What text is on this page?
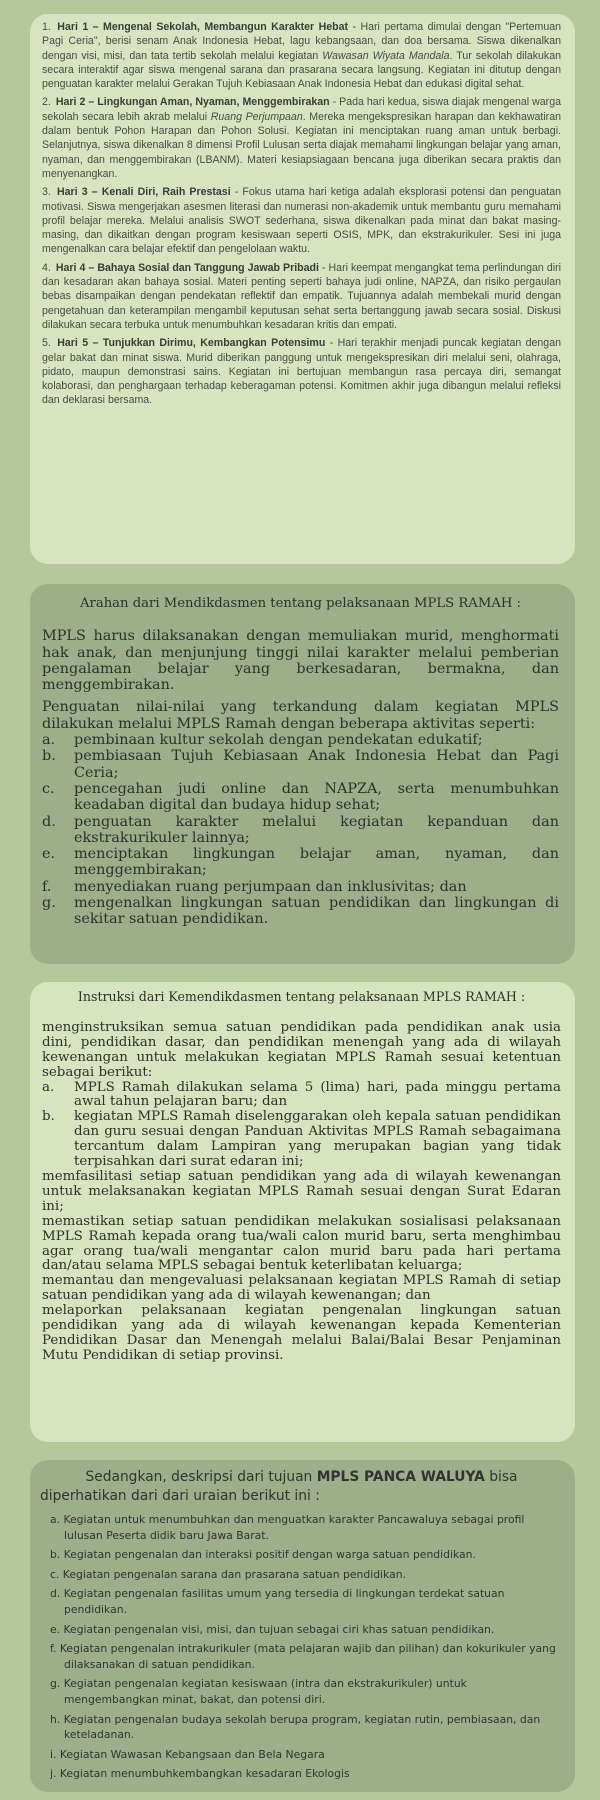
1. Hari 1 – Mengenal Sekolah, Membangun Karakter Hebat - Hari pertama dimulai dengan "Pertemuan Pagi Ceria", berisi senam Anak Indonesia Hebat, lagu kebangsaan, dan doa bersama. Siswa dikenalkan dengan visi, misi, dan tata tertib sekolah melalui kegiatan Wawasan Wiyata Mandala. Tur sekolah dilakukan secara interaktif agar siswa mengenal sarana dan prasarana secara langsung. Kegiatan ini ditutup dengan penguatan karakter melalui Gerakan Tujuh Kebiasaan Anak Indonesia Hebat dan edukasi digital sehat.
2. Hari 2 – Lingkungan Aman, Nyaman, Menggembirakan - Pada hari kedua, siswa diajak mengenal warga sekolah secara lebih akrab melalui Ruang Perjumpaan. Mereka mengekspresikan harapan dan kekhawatiran dalam bentuk Pohon Harapan dan Pohon Solusi. Kegiatan ini menciptakan ruang aman untuk berbagi. Selanjutnya, siswa dikenalkan 8 dimensi Profil Lulusan serta diajak memahami lingkungan belajar yang aman, nyaman, dan menggembirakan (LBANM). Materi kesiapsiagaan bencana juga diberikan secara praktis dan menyenangkan.
3. Hari 3 – Kenali Diri, Raih Prestasi - Fokus utama hari ketiga adalah eksplorasi potensi dan penguatan motivasi. Siswa mengerjakan asesmen literasi dan numerasi non-akademik untuk membantu guru memahami profil belajar mereka. Melalui analisis SWOT sederhana, siswa dikenalkan pada minat dan bakat masing-masing, dan dikaitkan dengan program kesiswaan seperti OSIS, MPK, dan ekstrakurikuler. Sesi ini juga mengenalkan cara belajar efektif dan pengelolaan waktu.
4. Hari 4 – Bahaya Sosial dan Tanggung Jawab Pribadi - Hari keempat mengangkat tema perlindungan diri dan kesadaran akan bahaya sosial. Materi penting seperti bahaya judi online, NAPZA, dan risiko pergaulan bebas disampaikan dengan pendekatan reflektif dan empatik. Tujuannya adalah membekali murid dengan pengetahuan dan keterampilan mengambil keputusan sehat serta bertanggung jawab secara sosial. Diskusi dilakukan secara terbuka untuk menumbuhkan kesadaran kritis dan empati.
5. Hari 5 – Tunjukkan Dirimu, Kembangkan Potensimu - Hari terakhir menjadi puncak kegiatan dengan gelar bakat dan minat siswa. Murid diberikan panggung untuk mengekspresikan diri melalui seni, olahraga, pidato, maupun demonstrasi sains. Kegiatan ini bertujuan membangun rasa percaya diri, semangat kolaborasi, dan penghargaan terhadap keberagaman potensi. Komitmen akhir juga dibangun melalui refleksi dan deklarasi bersama.
Arahan dari Mendikdasmen tentang pelaksanaan MPLS RAMAH :

MPLS harus dilaksanakan dengan memuliakan murid, menghormati hak anak, dan menjunjung tinggi nilai karakter melalui pemberian pengalaman belajar yang berkesadaran, bermakna, dan menggembirakan.

Penguatan nilai-nilai yang terkandung dalam kegiatan MPLS dilakukan melalui MPLS Ramah dengan beberapa aktivitas seperti:

a.	pembinaan kultur sekolah dengan pendekatan edukatif;
b.	pembiasaan Tujuh Kebiasaan Anak Indonesia Hebat dan Pagi Ceria;
c.	pencegahan judi online dan NAPZA, serta menumbuhkan keadaban digital dan budaya hidup sehat;
d.	penguatan karakter melalui kegiatan kepanduan dan ekstrakurikuler lainnya;
e.	menciptakan lingkungan belajar aman, nyaman, dan menggembirakan;
f.	menyediakan ruang perjumpaan dan inklusivitas; dan
g.	mengenalkan lingkungan satuan pendidikan dan lingkungan di sekitar satuan pendidikan.
Instruksi dari Kemendikdasmen tentang pelaksanaan MPLS RAMAH :

menginstruksikan semua satuan pendidikan pada pendidikan anak usia dini, pendidikan dasar, dan pendidikan menengah yang ada di wilayah kewenangan untuk melakukan kegiatan MPLS Ramah sesuai ketentuan sebagai berikut:

a.	MPLS Ramah dilakukan selama 5 (lima) hari, pada minggu pertama awal tahun pelajaran baru; dan
b.	kegiatan MPLS Ramah diselenggarakan oleh kepala satuan pendidikan dan guru sesuai dengan Panduan Aktivitas MPLS Ramah sebagaimana tercantum dalam Lampiran yang merupakan bagian yang tidak terpisahkan dari surat edaran ini;

memfasilitasi setiap satuan pendidikan yang ada di wilayah kewenangan untuk melaksanakan kegiatan MPLS Ramah sesuai dengan Surat Edaran ini;

memastikan setiap satuan pendidikan melakukan sosialisasi pelaksanaan MPLS Ramah kepada orang tua/wali calon murid baru, serta menghimbau agar orang tua/wali mengantar calon murid baru pada hari pertama dan/atau selama MPLS sebagai bentuk keterlibatan keluarga;

memantau dan mengevaluasi pelaksanaan kegiatan MPLS Ramah di setiap satuan pendidikan yang ada di wilayah kewenangan; dan

melaporkan pelaksanaan kegiatan pengenalan lingkungan satuan pendidikan yang ada di wilayah kewenangan kepada Kementerian Pendidikan Dasar dan Menengah melalui Balai/Balai Besar Penjaminan Mutu Pendidikan di setiap provinsi.

Sedangkan, deskripsi dari tujuan MPLS PANCA WALUYA bisa
diperhatikan dari dari uraian berikut ini :
a. Kegiatan untuk menumbuhkan dan menguatkan karakter Pancawaluya sebagai profil lulusan Peserta didik baru Jawa Barat.
b. Kegiatan pengenalan dan interaksi positif dengan warga satuan pendidikan.
c. Kegiatan pengenalan sarana dan prasarana satuan pendidikan.
d. Kegiatan pengenalan fasilitas umum yang tersedia di lingkungan terdekat satuan pendidikan.
e. Kegiatan pengenalan visi, misi, dan tujuan sebagai ciri khas satuan pendidikan.
f. Kegiatan pengenalan intrakurikuler (mata pelajaran wajib dan pilihan) dan kokurikuler yang dilaksanakan di satuan pendidikan.
g. Kegiatan pengenalan kegiatan kesiswaan (intra dan ekstrakurikuler) untuk mengembangkan minat, bakat, dan potensi diri.
h. Kegiatan pengenalan budaya sekolah berupa program, kegiatan rutin, pembiasaan, dan keteladanan.
i. Kegiatan Wawasan Kebangsaan dan Bela Negara
j. Kegiatan menumbuhkembangkan kesadaran Ekologis
